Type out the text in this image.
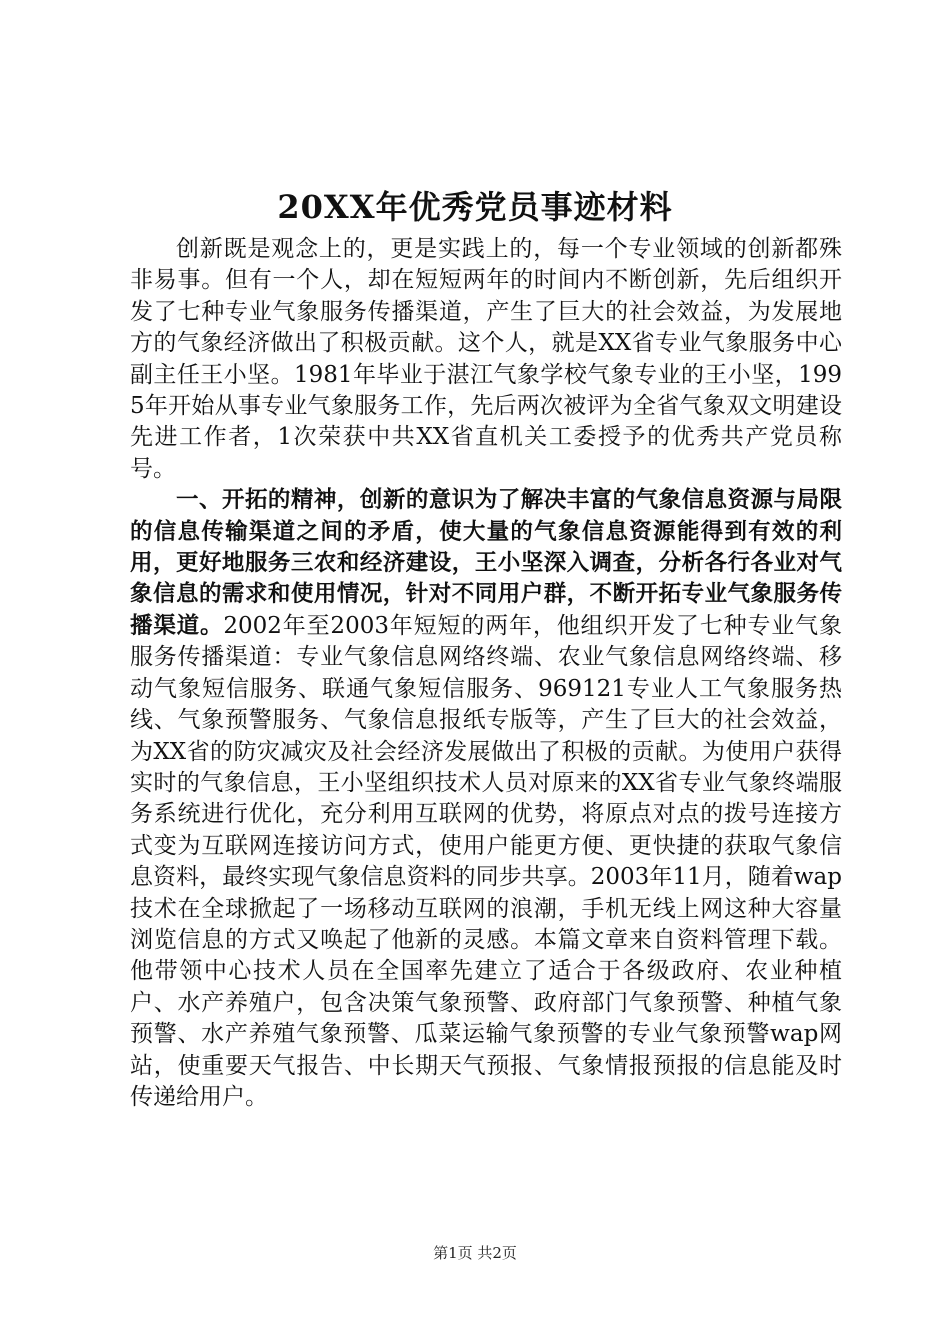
20XX年优秀党员事迹材料

创新既是观念上的，更是实践上的，每一个专业领域的创新都殊非易事。但有一个人，却在短短两年的时间内不断创新，先后组织开发了七种专业气象服务传播渠道，产生了巨大的社会效益，为发展地方的气象经济做出了积极贡献。这个人，就是XX省专业气象服务中心副主任王小坚。1981年毕业于湛江气象学校气象专业的王小坚，1995年开始从事专业气象服务工作，先后两次被评为全省气象双文明建设先进工作者，1次荣获中共XX省直机关工委授予的优秀共产党员称号。

一、开拓的精神，创新的意识为了解决丰富的气象信息资源与局限的信息传输渠道之间的矛盾，使大量的气象信息资源能得到有效的利用，更好地服务三农和经济建设，王小坚深入调查，分析各行各业对气象信息的需求和使用情况，针对不同用户群，不断开拓专业气象服务传播渠道。2002年至2003年短短的两年，他组织开发了七种专业气象服务传播渠道：专业气象信息网络终端、农业气象信息网络终端、移动气象短信服务、联通气象短信服务、969121专业人工气象服务热线、气象预警服务、气象信息报纸专版等，产生了巨大的社会效益，为XX省的防灾减灾及社会经济发展做出了积极的贡献。为使用户获得实时的气象信息，王小坚组织技术人员对原来的XX省专业气象终端服务系统进行优化，充分利用互联网的优势，将原点对点的拨号连接方式变为互联网连接访问方式，使用户能更方便、更快捷的获取气象信息资料，最终实现气象信息资料的同步共享。2003年11月，随着wap技术在全球掀起了一场移动互联网的浪潮，手机无线上网这种大容量浏览信息的方式又唤起了他新的灵感。本篇文章来自资料管理下载。他带领中心技术人员在全国率先建立了适合于各级政府、农业种植户、水产养殖户，包含决策气象预警、政府部门气象预警、种植气象预警、水产养殖气象预警、瓜菜运输气象预警的专业气象预警wap网站，使重要天气报告、中长期天气预报、气象情报预报的信息能及时传递给用户。

第1页 共2页
